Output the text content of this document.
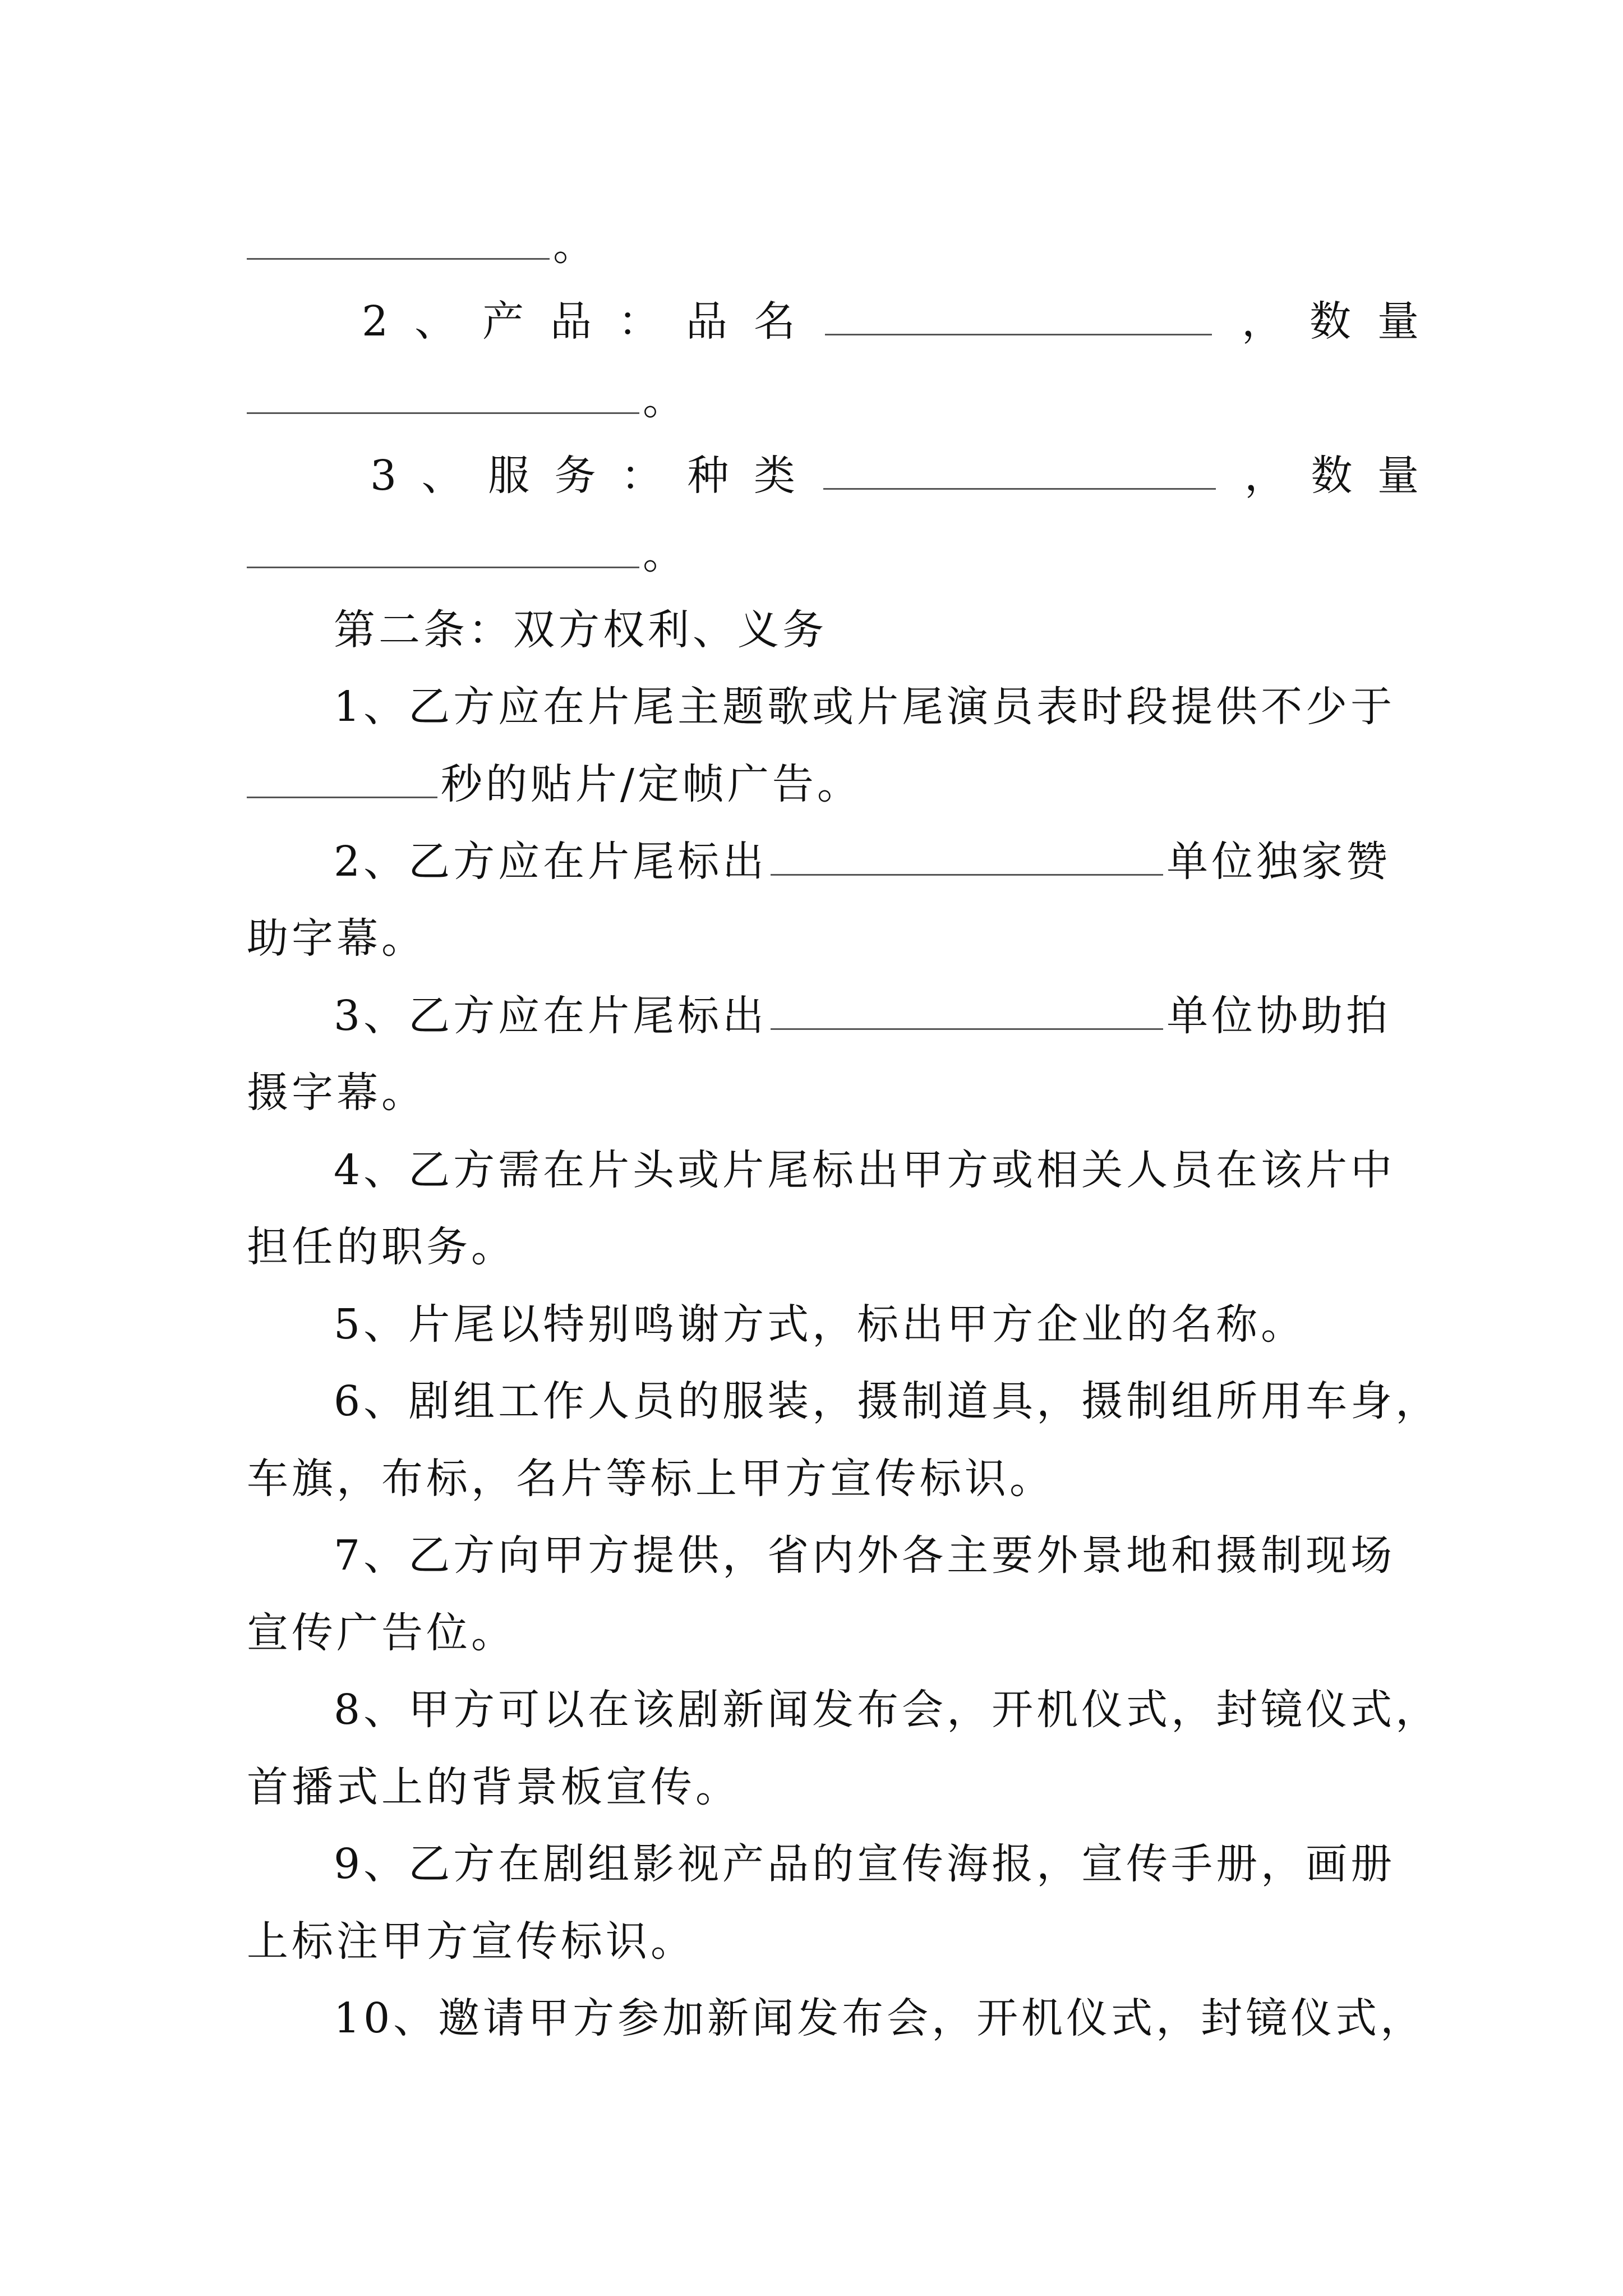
。
2 、 产 品 ： 品 名	， 数 量
。
3 、 服 务 ： 种 类	， 数 量
。
第二条：双方权利、义务
1、乙方应在片尾主题歌或片尾演员表时段提供不少于
秒的贴片/定帧广告。
2、乙方应在片尾标出	单位独家赞
助字幕。
3、乙方应在片尾标出	单位协助拍
摄字幕。
4、乙方需在片头或片尾标出甲方或相关人员在该片中
担任的职务。
5、片尾以特别鸣谢方式，标出甲方企业的名称。
6、剧组工作人员的服装，摄制道具，摄制组所用车身，
车旗，布标，名片等标上甲方宣传标识。
7、乙方向甲方提供，省内外各主要外景地和摄制现场
宣传广告位。
8、甲方可以在该剧新闻发布会，开机仪式，封镜仪式，
首播式上的背景板宣传。
9、乙方在剧组影视产品的宣传海报，宣传手册，画册
上标注甲方宣传标识。
10、邀请甲方参加新闻发布会，开机仪式，封镜仪式，
